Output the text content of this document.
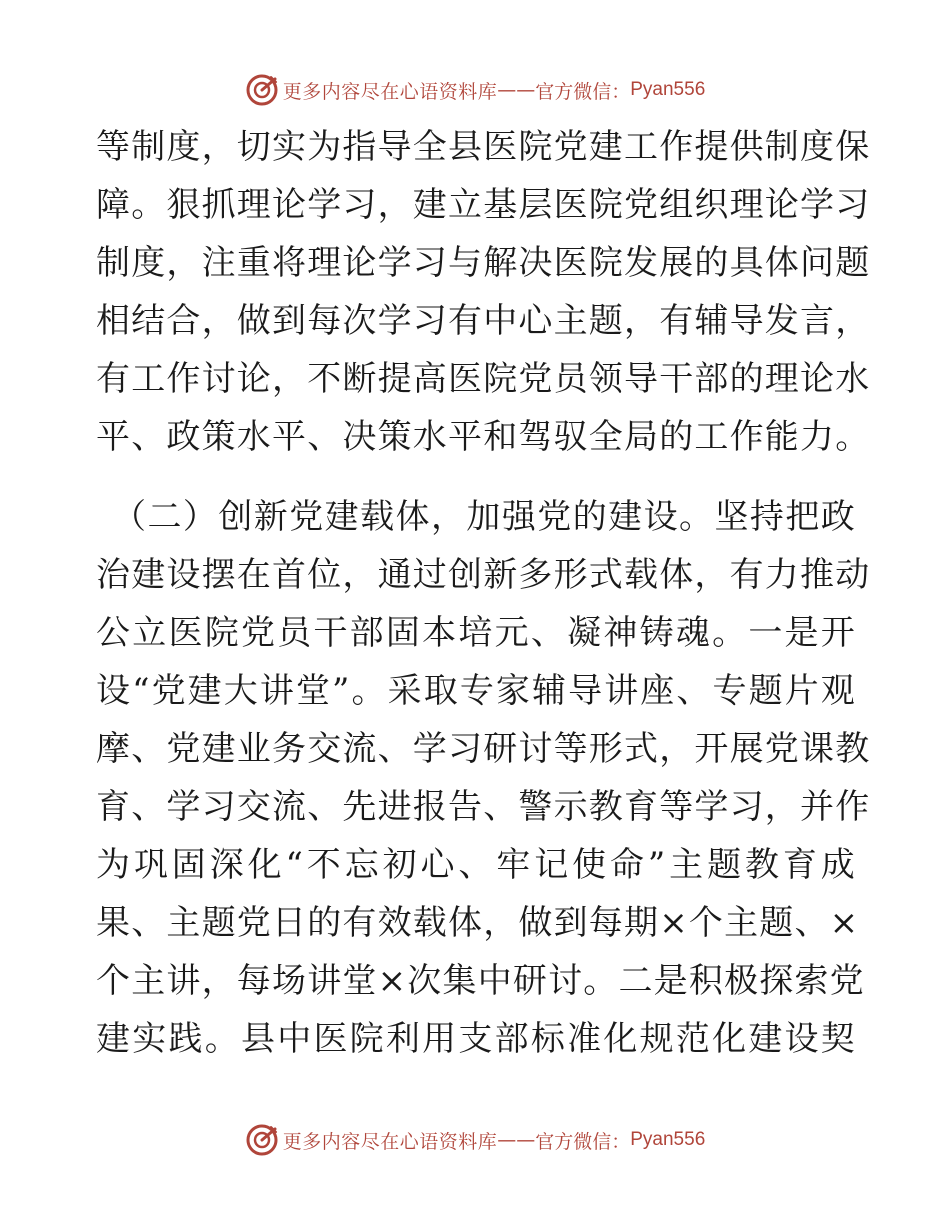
更多内容尽在心语资料库 —— 官方微信： Pyan556
等制度，切实为指导全县医院党建工作提供制度保
障。狠抓理论学习，建立基层医院党组织理论学习
制度，注重将理论学习与解决医院发展的具体问题
相结合，做到每次学习有中心主题，有辅导发言，
有工作讨论，不断提高医院党员领导干部的理论水
平、政策水平、决策水平和驾驭全局的工作能力。
（二）创新党建载体，加强党的建设。坚持把政
治建设摆在首位，通过创新多形式载体，有力推动
公立医院党员干部固本培元、凝神铸魂。一是开
设“党建大讲堂”。采取专家辅导讲座、专题片观
摩、党建业务交流、学习研讨等形式，开展党课教
育、学习交流、先进报告、警示教育等学习，并作
为巩固深化“不忘初心、牢记使命”主题教育成
果、主题党日的有效载体，做到每期×个主题、×
个主讲，每场讲堂×次集中研讨。二是积极探索党
建实践。县中医院利用支部标准化规范化建设契
更多内容尽在心语资料库 —— 官方微信： Pyan556
